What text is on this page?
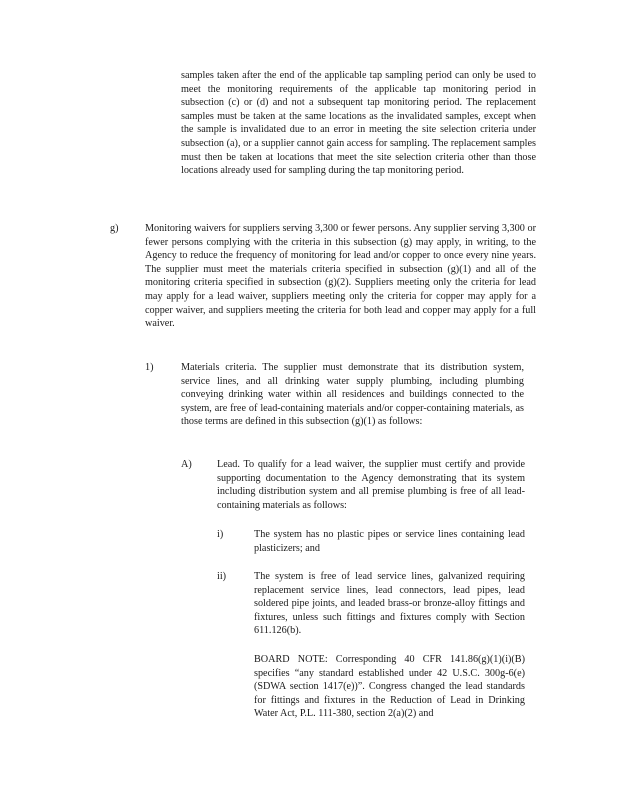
samples taken after the end of the applicable tap sampling period can only be used to meet the monitoring requirements of the applicable tap monitoring period in subsection (c) or (d) and not a subsequent tap monitoring period. The replacement samples must be taken at the same locations as the invalidated samples, except when the sample is invalidated due to an error in meeting the site selection criteria under subsection (a), or a supplier cannot gain access for sampling. The replacement samples must then be taken at locations that meet the site selection criteria other than those locations already used for sampling during the tap monitoring period.
g)	Monitoring waivers for suppliers serving 3,300 or fewer persons. Any supplier serving 3,300 or fewer persons complying with the criteria in this subsection (g) may apply, in writing, to the Agency to reduce the frequency of monitoring for lead and/or copper to once every nine years. The supplier must meet the materials criteria specified in subsection (g)(1) and all of the monitoring criteria specified in subsection (g)(2). Suppliers meeting only the criteria for lead may apply for a lead waiver, suppliers meeting only the criteria for copper may apply for a copper waiver, and suppliers meeting the criteria for both lead and copper may apply for a full waiver.
1)	Materials criteria. The supplier must demonstrate that its distribution system, service lines, and all drinking water supply plumbing, including plumbing conveying drinking water within all residences and buildings connected to the system, are free of lead-containing materials and/or copper-containing materials, as those terms are defined in this subsection (g)(1) as follows:
A) Lead. To qualify for a lead waiver, the supplier must certify and provide supporting documentation to the Agency demonstrating that its system including distribution system and all premise plumbing is free of all lead-containing materials as follows:
i)	The system has no plastic pipes or service lines containing lead plasticizers; and
ii)	The system is free of lead service lines, galvanized requiring replacement service lines, lead connectors, lead pipes, lead soldered pipe joints, and leaded brass-or bronze-alloy fittings and fixtures, unless such fittings and fixtures comply with Section 611.126(b).
BOARD NOTE: Corresponding 40 CFR 141.86(g)(1)(i)(B) specifies “any standard established under 42 U.S.C. 300g-6(e) (SDWA section 1417(e))”. Congress changed the lead standards for fittings and fixtures in the Reduction of Lead in Drinking Water Act, P.L. 111-380, section 2(a)(2) and
